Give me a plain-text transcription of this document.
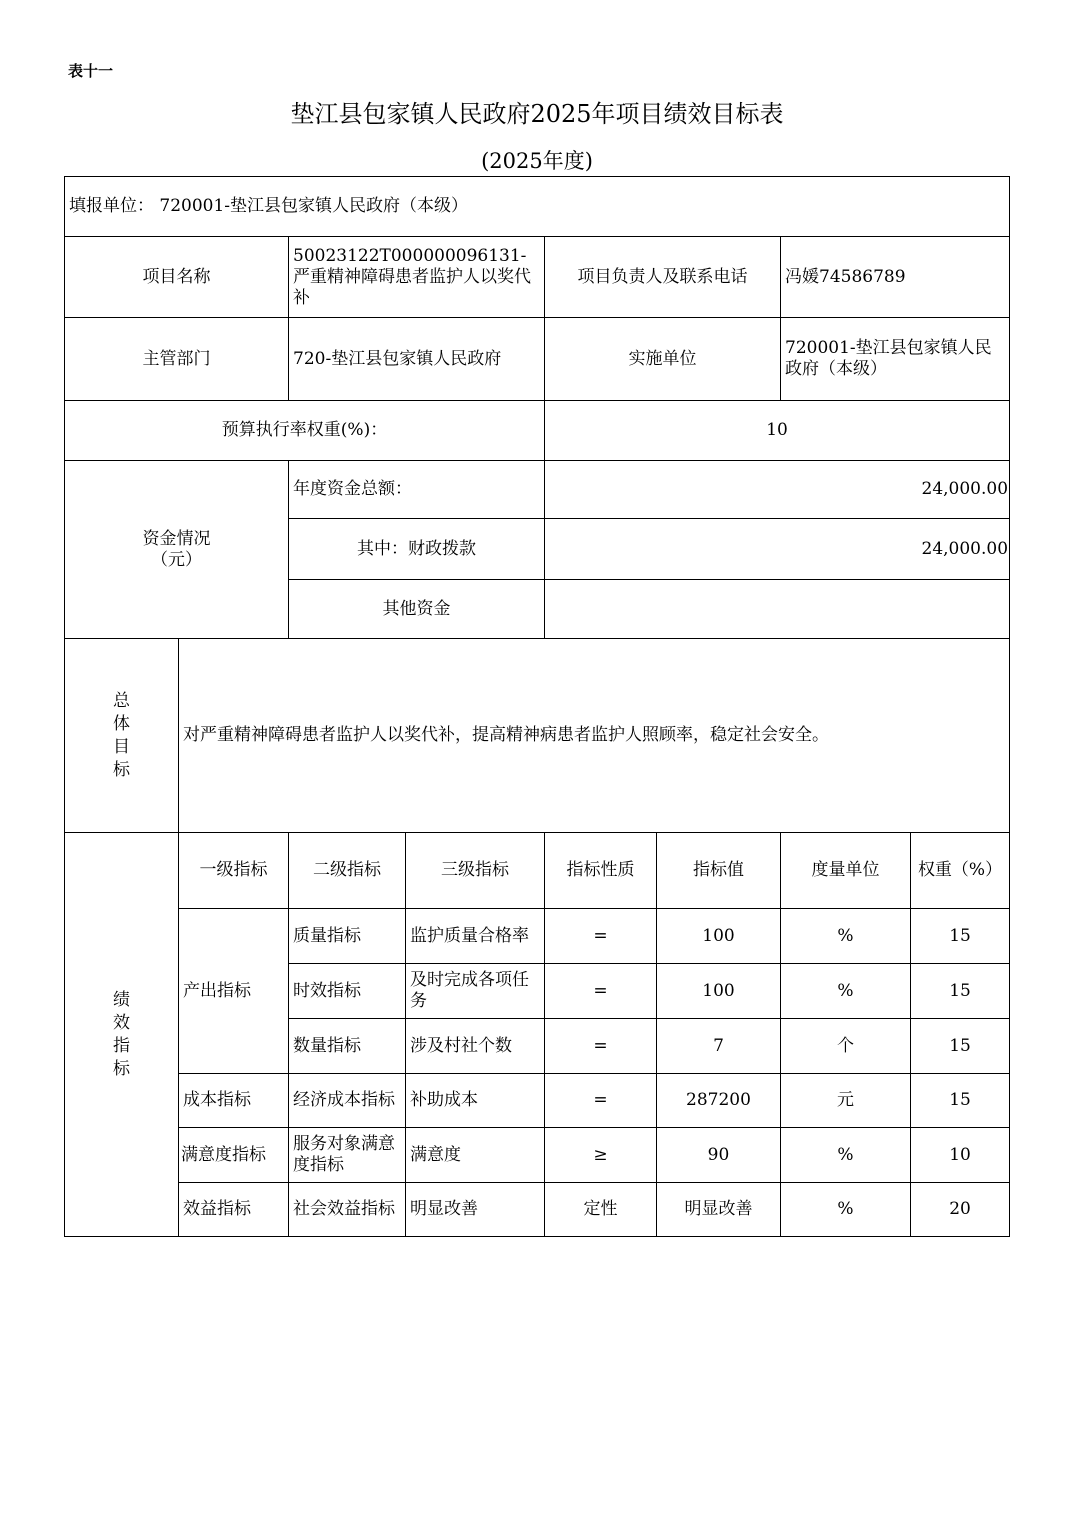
表十一
垫江县包家镇人民政府2025年项目绩效目标表
(2025年度)
填报单位： 720001-垫江县包家镇人民政府（本级）							
项目名称		50023122T000000096131-严重精神障碍患者监护人以奖代补		项目负责人及联系电话		冯媛74586789	
主管部门		720-垫江县包家镇人民政府		实施单位		720001-垫江县包家镇人民政府（本级）	
预算执行率权重(%)：				10			
资金情况（元）		年度资金总额：		24,000.00			
		其中：财政拨款		24,000.00			
		其他资金					
总体目标	对严重精神障碍患者监护人以奖代补，提高精神病患者监护人照顾率，稳定社会安全。						
绩效指标	一级指标	二级指标	三级指标	指标性质	指标值	度量单位	权重（%）
	产出指标	质量指标	监护质量合格率	=	100	%	15
		时效指标	及时完成各项任务	=	100	%	15
		数量指标	涉及村社个数	=	7	个	15
	成本指标	经济成本指标	补助成本	=	287200	元	15
	满意度指标	服务对象满意度指标	满意度	≥	90	%	10
	效益指标	社会效益指标	明显改善	定性	明显改善	%	20
